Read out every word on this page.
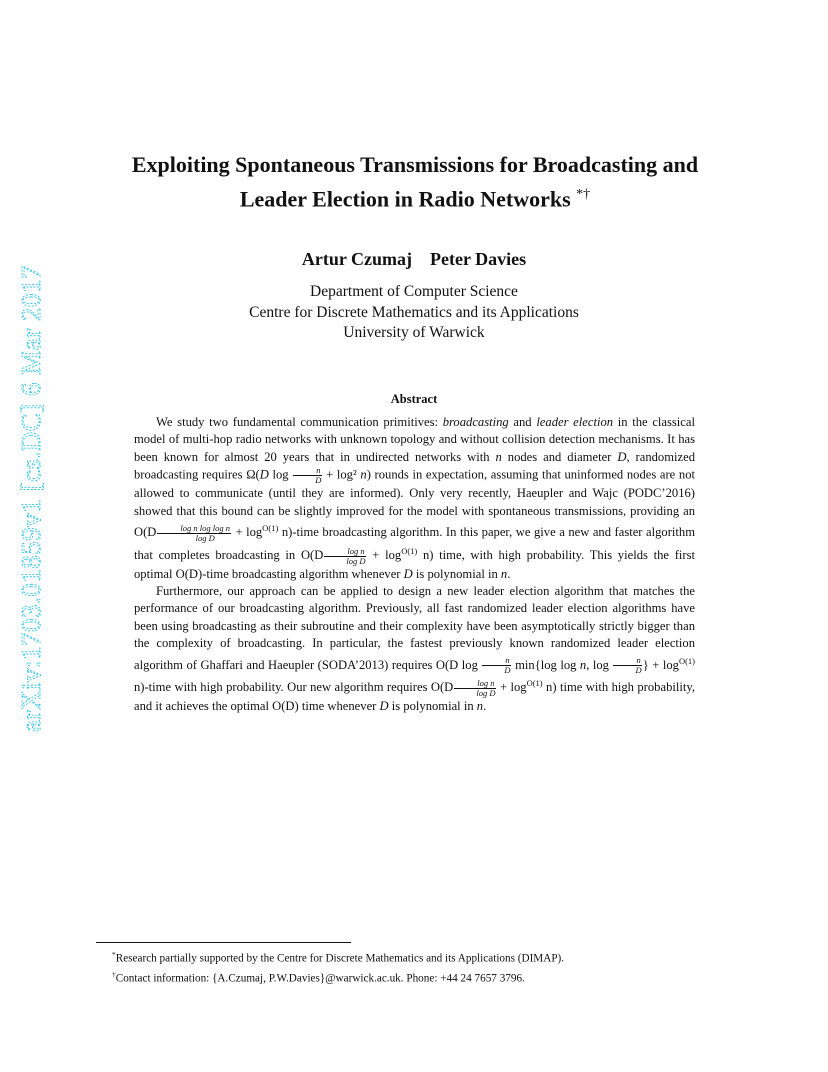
arXiv:1703.01859v1 [cs.DC] 6 Mar 2017
Exploiting Spontaneous Transmissions for Broadcasting and
Leader Election in Radio Networks *†
Artur Czumaj Peter Davies
Department of Computer Science
Centre for Discrete Mathematics and its Applications
University of Warwick
Abstract

We study two fundamental communication primitives: broadcasting and leader election in the classical model of multi-hop radio networks with unknown topology and without collision detection mechanisms. It has been known for almost 20 years that in undirected networks with n nodes and diameter D, randomized broadcasting requires Ω(D $\log \frac{n}{D} + \log^2$ n) rounds in expectation, assuming that uninformed nodes are not allowed to communicate (until they are informed). Only very recently, Haeupler and Wajc (PODC’2016) showed that this bound can be slightly improved for the model with spontaneous transmissions, providing an $O(D \frac{\text{log n log log n}}{\text{log D}} + \log^{O(1)}$ n)-time broadcasting algorithm. In this paper, we give a new and faster algorithm that completes broadcasting in $O(D \frac{\text{log n}}{\text{log D}} + \log^{O(1)} n)$ time, with high probability. This yields the first optimal O(D)-time broadcasting algorithm whenever D is polynomial in n.

Furthermore, our approach can be applied to design a new leader election algorithm that matches the performance of our broadcasting algorithm. Previously, all fast randomized leader election algorithms have been using broadcasting as their subroutine and their complexity have been asymptotically strictly bigger than the complexity of broadcasting. In particular, the fastest previously known randomized leader election algorithm of Ghaffari and Haeupler (SODA’2013) requires O(D $\log \frac{n}{D} \min\{\log$ log n, $\log \frac{n}{D}$ } + $\log^{O(1)}$ n)-time with high probability. Our new algorithm requires $O(D \frac{\text{log n}}{\text{log D}} + \log^{O(1)} n)$ time with high probability, and it achieves the optimal O(D) time whenever D is polynomial in n.

*Research partially supported by the Centre for Discrete Mathematics and its Applications (DIMAP).
†Contact information: {A.Czumaj, P.W.Davies}@warwick.ac.uk. Phone: +44 24 7657 3796.
